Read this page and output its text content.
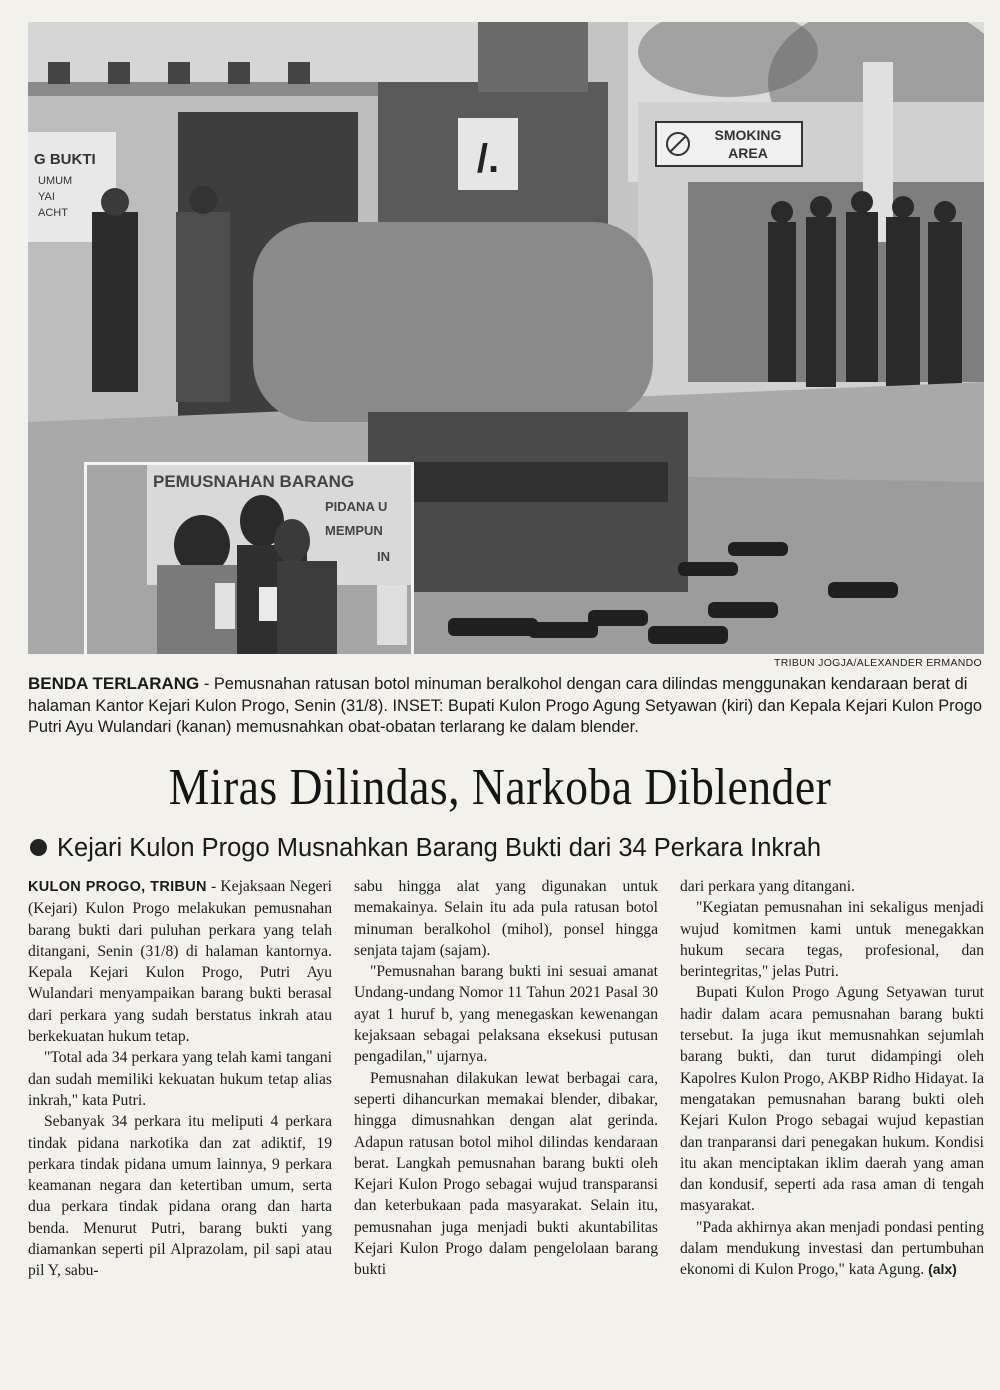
G BUKTI
UMUM
YAI
ACHT
SMOKING
AREA
/.
PEMUSNAHAN BARANG
PIDANA U
MEMPUN
IN
TRIBUN JOGJA/ALEXANDER ERMANDO
BENDA TERLARANG - Pemusnahan ratusan botol minuman beralkohol dengan cara dilindas menggunakan kendaraan berat di halaman Kantor Kejari Kulon Progo, Senin (31/8). INSET: Bupati Kulon Progo Agung Setyawan (kiri) dan Kepala Kejari Kulon Progo Putri Ayu Wulandari (kanan) memusnahkan obat-obatan terlarang ke dalam blender.
Miras Dilindas, Narkoba Diblender
Kejari Kulon Progo Musnahkan Barang Bukti dari 34 Perkara Inkrah

KULON PROGO, TRIBUN - Kejaksaan Negeri (Kejari) Kulon Progo melakukan pemusnahan barang bukti dari puluhan perkara yang telah ditangani, Senin (31/8) di halaman kantornya. Kepala Kejari Kulon Progo, Putri Ayu Wulandari menyampaikan barang bukti berasal dari perkara yang sudah berstatus inkrah atau berkekuatan hukum tetap.

"Total ada 34 perkara yang telah kami tangani dan sudah memiliki kekuatan hukum tetap alias inkrah," kata Putri.

Sebanyak 34 perkara itu meliputi 4 perkara tindak pidana narkotika dan zat adiktif, 19 perkara tindak pidana umum lainnya, 9 perkara keamanan negara dan ketertiban umum, serta dua perkara tindak pidana orang dan harta benda. Menurut Putri, barang bukti yang diamankan seperti pil Alprazolam, pil sapi atau pil Y, sabu-

sabu hingga alat yang digunakan untuk memakainya. Selain itu ada pula ratusan botol minuman beralkohol (mihol), ponsel hingga senjata tajam (sajam).

"Pemusnahan barang bukti ini sesuai amanat Undang-undang Nomor 11 Tahun 2021 Pasal 30 ayat 1 huruf b, yang menegaskan kewenangan kejaksaan sebagai pelaksana eksekusi putusan pengadilan," ujarnya.

Pemusnahan dilakukan lewat berbagai cara, seperti dihancurkan memakai blender, dibakar, hingga dimusnahkan dengan alat gerinda. Adapun ratusan botol mihol dilindas kendaraan berat. Langkah pemusnahan barang bukti oleh Kejari Kulon Progo sebagai wujud transparansi dan keterbukaan pada masyarakat. Selain itu, pemusnahan juga menjadi bukti akuntabilitas Kejari Kulon Progo dalam pengelolaan barang bukti

dari perkara yang ditangani.

"Kegiatan pemusnahan ini sekaligus menjadi wujud komitmen kami untuk menegakkan hukum secara tegas, profesional, dan berintegritas," jelas Putri.

Bupati Kulon Progo Agung Setyawan turut hadir dalam acara pemusnahan barang bukti tersebut. Ia juga ikut memusnahkan sejumlah barang bukti, dan turut didampingi oleh Kapolres Kulon Progo, AKBP Ridho Hidayat. Ia mengatakan pemusnahan barang bukti oleh Kejari Kulon Progo sebagai wujud kepastian dan tranparansi dari penegakan hukum. Kondisi itu akan menciptakan iklim daerah yang aman dan kondusif, seperti ada rasa aman di tengah masyarakat.

"Pada akhirnya akan menjadi pondasi penting dalam mendukung investasi dan pertumbuhan ekonomi di Kulon Progo," kata Agung. (alx)
